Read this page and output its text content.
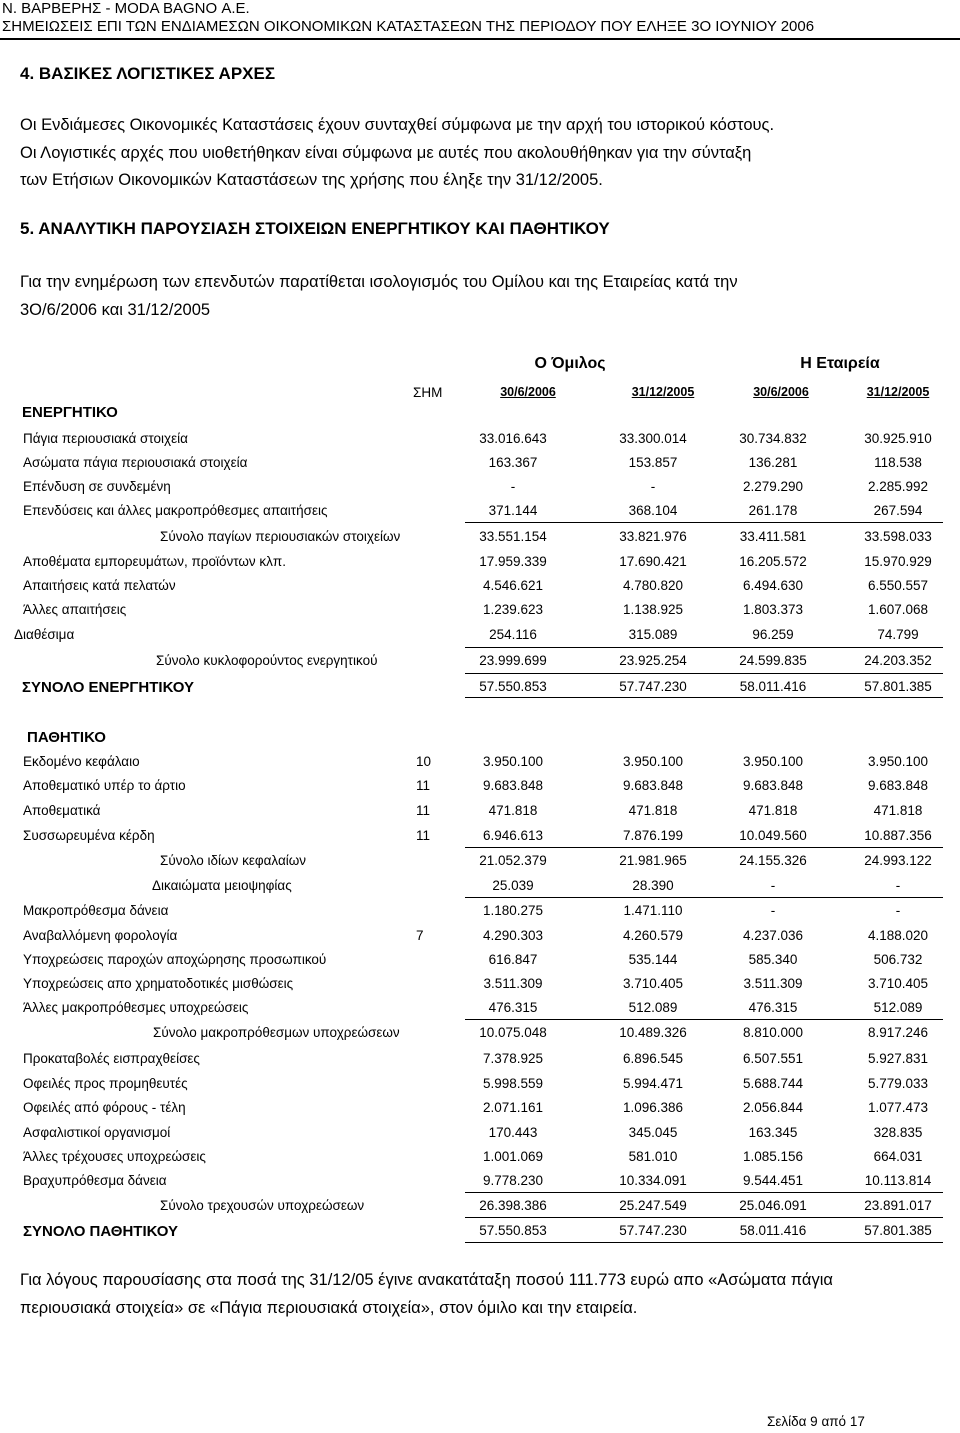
Ν. ΒΑΡΒΕΡΗΣ - MODA BAGNO Α.Ε.
ΣΗΜΕΙΩΣΕΙΣ ΕΠΙ ΤΩΝ ΕΝΔΙΑΜΕΣΩΝ ΟΙΚΟΝΟΜΙΚΩΝ ΚΑΤΑΣΤΑΣΕΩΝ ΤΗΣ ΠΕΡΙΟΔΟΥ ΠΟΥ ΕΛΗΞΕ 3Ο ΙΟΥΝΙΟΥ 2006
4. ΒΑΣΙΚΕΣ ΛΟΓΙΣΤΙΚΕΣ ΑΡΧΕΣ
Οι Ενδιάμεσες Οικονομικές Καταστάσεις έχουν συνταχθεί σύμφωνα με την αρχή του ιστορικού κόστους.
Οι Λογιστικές αρχές που υιοθετήθηκαν είναι σύμφωνα με αυτές που ακολουθήθηκαν για την σύνταξη
των Ετήσιων Οικονομικών Καταστάσεων της χρήσης που έληξε την 31/12/2005.
5. ΑΝΑΛΥΤΙΚΗ ΠΑΡΟΥΣΙΑΣΗ ΣΤΟΙΧΕΙΩΝ ΕΝΕΡΓΗΤΙΚΟΥ ΚΑΙ ΠΑΘΗΤΙΚΟΥ
Για την ενημέρωση των επενδυτών παρατίθεται ισολογισμός του Ομίλου και της Εταιρείας κατά την
3Ο/6/2006 και 31/12/2005
Ο Όμιλος	Η Εταιρεία
ΣΗΜ	30/6/2006	31/12/2005	30/6/2006	31/12/2005
ΕΝΕΡΓΗΤΙΚΟ
Πάγια περιουσιακά στοιχεία	33.016.643	33.300.014	30.734.832	30.925.910
Ασώματα πάγια περιουσιακά στοιχεία	163.367	153.857	136.281	118.538
Επένδυση σε συνδεμένη	-	-	2.279.290	2.285.992
Επενδύσεις και άλλες μακροπρόθεσμες απαιτήσεις	371.144	368.104	261.178	267.594
Σύνολο παγίων περιουσιακών στοιχείων	33.551.154	33.821.976	33.411.581	33.598.033
Αποθέματα εμπορευμάτων, προϊόντων κλπ.	17.959.339	17.690.421	16.205.572	15.970.929
Απαιτήσεις κατά πελατών	4.546.621	4.780.820	6.494.630	6.550.557
Άλλες απαιτήσεις	1.239.623	1.138.925	1.803.373	1.607.068
Διαθέσιμα	254.116	315.089	96.259	74.799
Σύνολο κυκλοφορούντος ενεργητικού	23.999.699	23.925.254	24.599.835	24.203.352
ΣΥΝΟΛΟ ΕΝΕΡΓΗΤΙΚΟΥ	57.550.853	57.747.230	58.011.416	57.801.385
ΠΑΘΗΤΙΚΟ
Εκδομένο κεφάλαιο	10	3.950.100	3.950.100	3.950.100	3.950.100
Αποθεματικό υπέρ το άρτιο	11	9.683.848	9.683.848	9.683.848	9.683.848
Αποθεματικά	11	471.818	471.818	471.818	471.818
Συσσωρευμένα κέρδη	11	6.946.613	7.876.199	10.049.560	10.887.356
Σύνολο ιδίων κεφαλαίων	21.052.379	21.981.965	24.155.326	24.993.122
Δικαιώματα μειοψηφίας	25.039	28.390	-	-
Μακροπρόθεσμα δάνεια	1.180.275	1.471.110	-	-
Αναβαλλόμενη φορολογία	7	4.290.303	4.260.579	4.237.036	4.188.020
Υποχρεώσεις παροχών αποχώρησης προσωπικού	616.847	535.144	585.340	506.732
Υποχρεώσεις απο χρηματοδοτικές μισθώσεις	3.511.309	3.710.405	3.511.309	3.710.405
Άλλες μακροπρόθεσμες υποχρεώσεις	476.315	512.089	476.315	512.089
Σύνολο μακροπρόθεσμων υποχρεώσεων	10.075.048	10.489.326	8.810.000	8.917.246
Προκαταβολές εισπραχθείσες	7.378.925	6.896.545	6.507.551	5.927.831
Οφειλές προς προμηθευτές	5.998.559	5.994.471	5.688.744	5.779.033
Οφειλές από φόρους - τέλη	2.071.161	1.096.386	2.056.844	1.077.473
Ασφαλιστικοί οργανισμοί	170.443	345.045	163.345	328.835
Άλλες τρέχουσες υποχρεώσεις	1.001.069	581.010	1.085.156	664.031
Βραχυπρόθεσμα δάνεια	9.778.230	10.334.091	9.544.451	10.113.814
Σύνολο τρεχουσών υποχρεώσεων	26.398.386	25.247.549	25.046.091	23.891.017
ΣΥΝΟΛΟ ΠΑΘΗΤΙΚΟΥ	57.550.853	57.747.230	58.011.416	57.801.385
Για λόγους παρουσίασης στα ποσά της 31/12/05 έγινε ανακατάταξη ποσού 111.773 ευρώ απο «Ασώματα πάγια
περιουσιακά στοιχεία» σε «Πάγια περιουσιακά στοιχεία», στον όμιλο και την εταιρεία.
Σελίδα 9 από 17
